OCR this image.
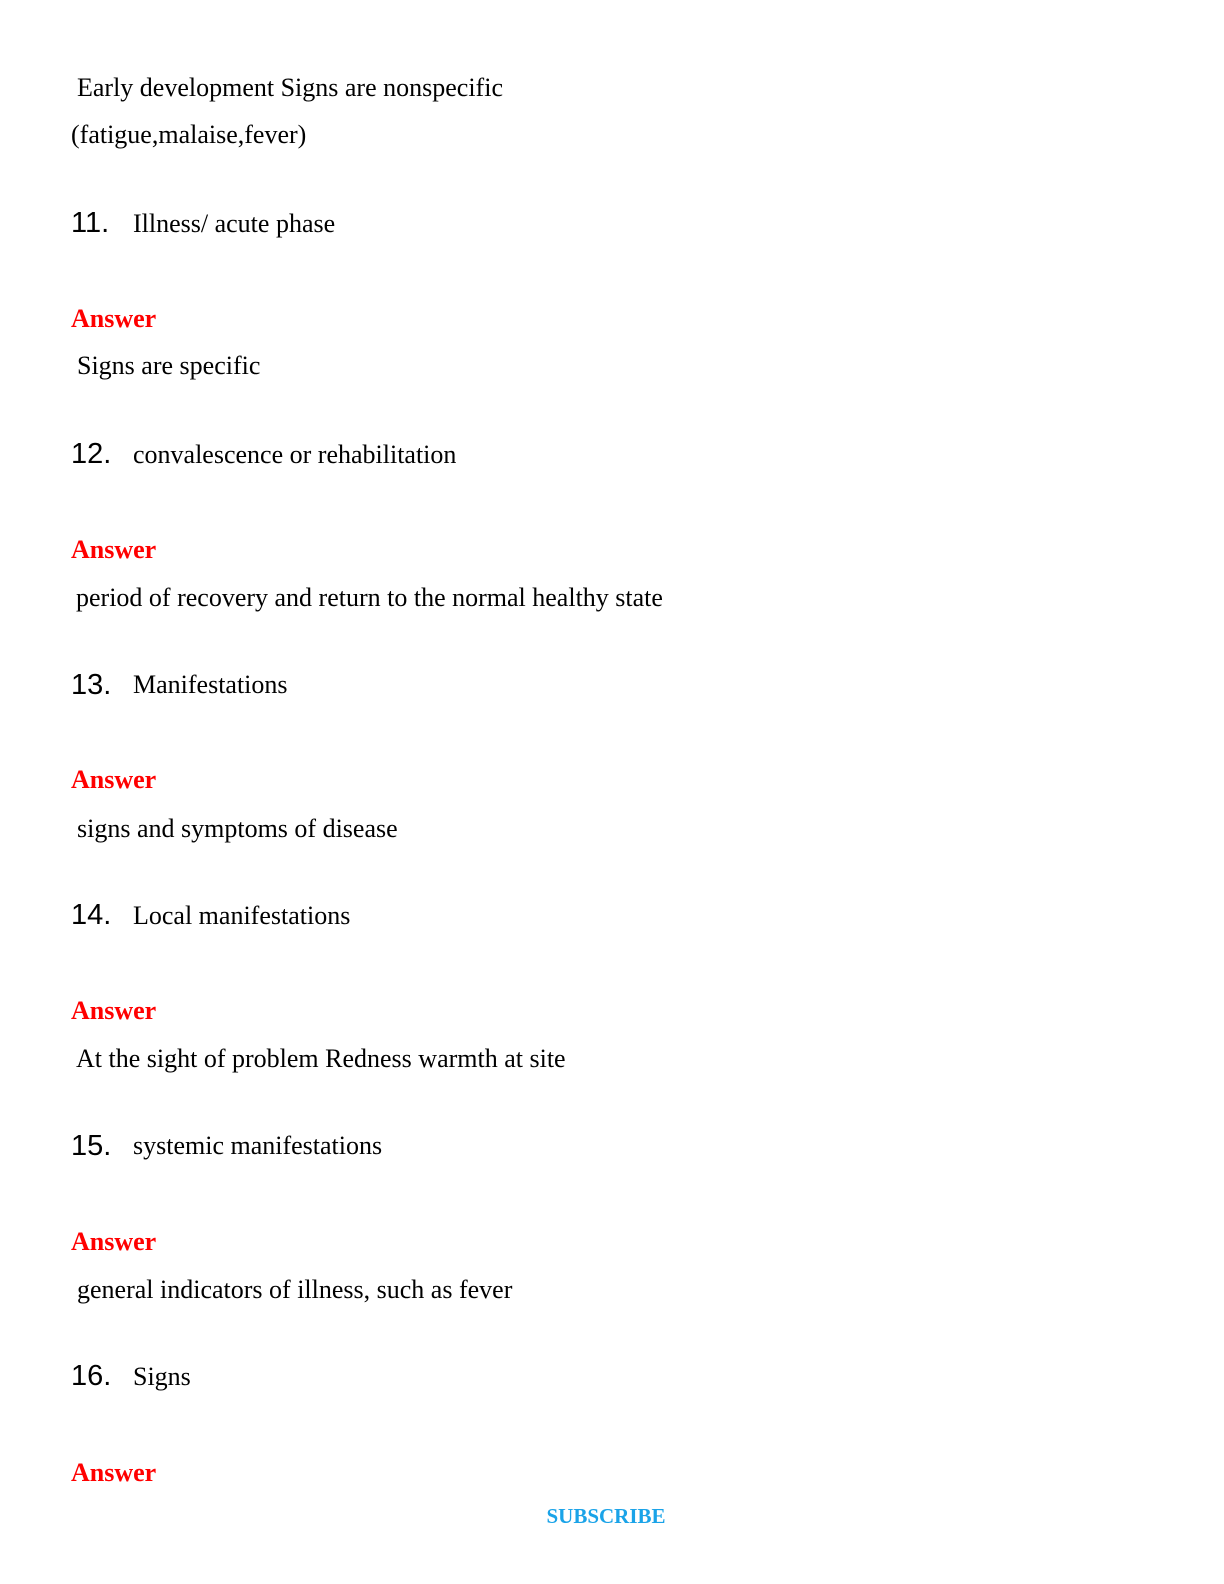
Early development Signs are nonspecific
(fatigue,malaise,fever)
11. Illness/ acute phase
Answer
Signs are specific
12. convalescence or rehabilitation
Answer
period of recovery and return to the normal healthy state
13. Manifestations
Answer
signs and symptoms of disease
14. Local manifestations
Answer
At the sight of problem Redness warmth at site
15. systemic manifestations
Answer
general indicators of illness, such as fever
16. Signs
Answer
SUBSCRIBE
